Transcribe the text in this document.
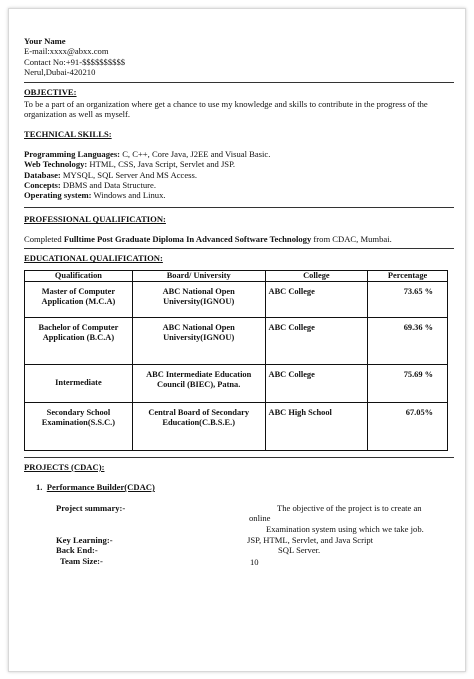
Your Name
E-mail:xxxx@abxx.com
Contact No:+91-$$$$$$$$$$
Nerul,Dubai-420210
OBJECTIVE:
To be a part of an organization where get a chance to use my knowledge and skills to contribute in the progress of the organization as well as myself.
TECHNICAL SKILLS:
Programming Languages: C, C++, Core Java, J2EE and Visual Basic.
Web Technology: HTML, CSS, Java Script, Servlet and JSP.
Database: MYSQL, SQL Server And MS Access.
Concepts: DBMS and Data Structure.
Operating system: Windows and Linux.
PROFESSIONAL QUALIFICATION:
Completed Fulltime Post Graduate Diploma In Advanced Software Technology from CDAC, Mumbai.
EDUCATIONAL QUALIFICATION:
Qualification	Board/ University	College	Percentage
Master of Computer Application (M.C.A)	ABC National Open University(IGNOU)	ABC College	73.65 %
Bachelor of Computer Application (B.C.A)	ABC National Open University(IGNOU)	ABC College	69.36 %
Intermediate	ABC Intermediate Education Council (BIEC), Patna.	ABC College	75.69 %
Secondary School Examination(S.S.C.)	Central Board of Secondary Education(C.B.S.E.)	ABC High School	67.05%
PROJECTS (CDAC):
1. Performance Builder(CDAC)
Project summary:-	The objective of the project is to create an
online
Examination system using which we take job.
Key Learning:-	JSP, HTML, Servlet, and Java Script
Back End:-	SQL Server.
Team Size:-	10
